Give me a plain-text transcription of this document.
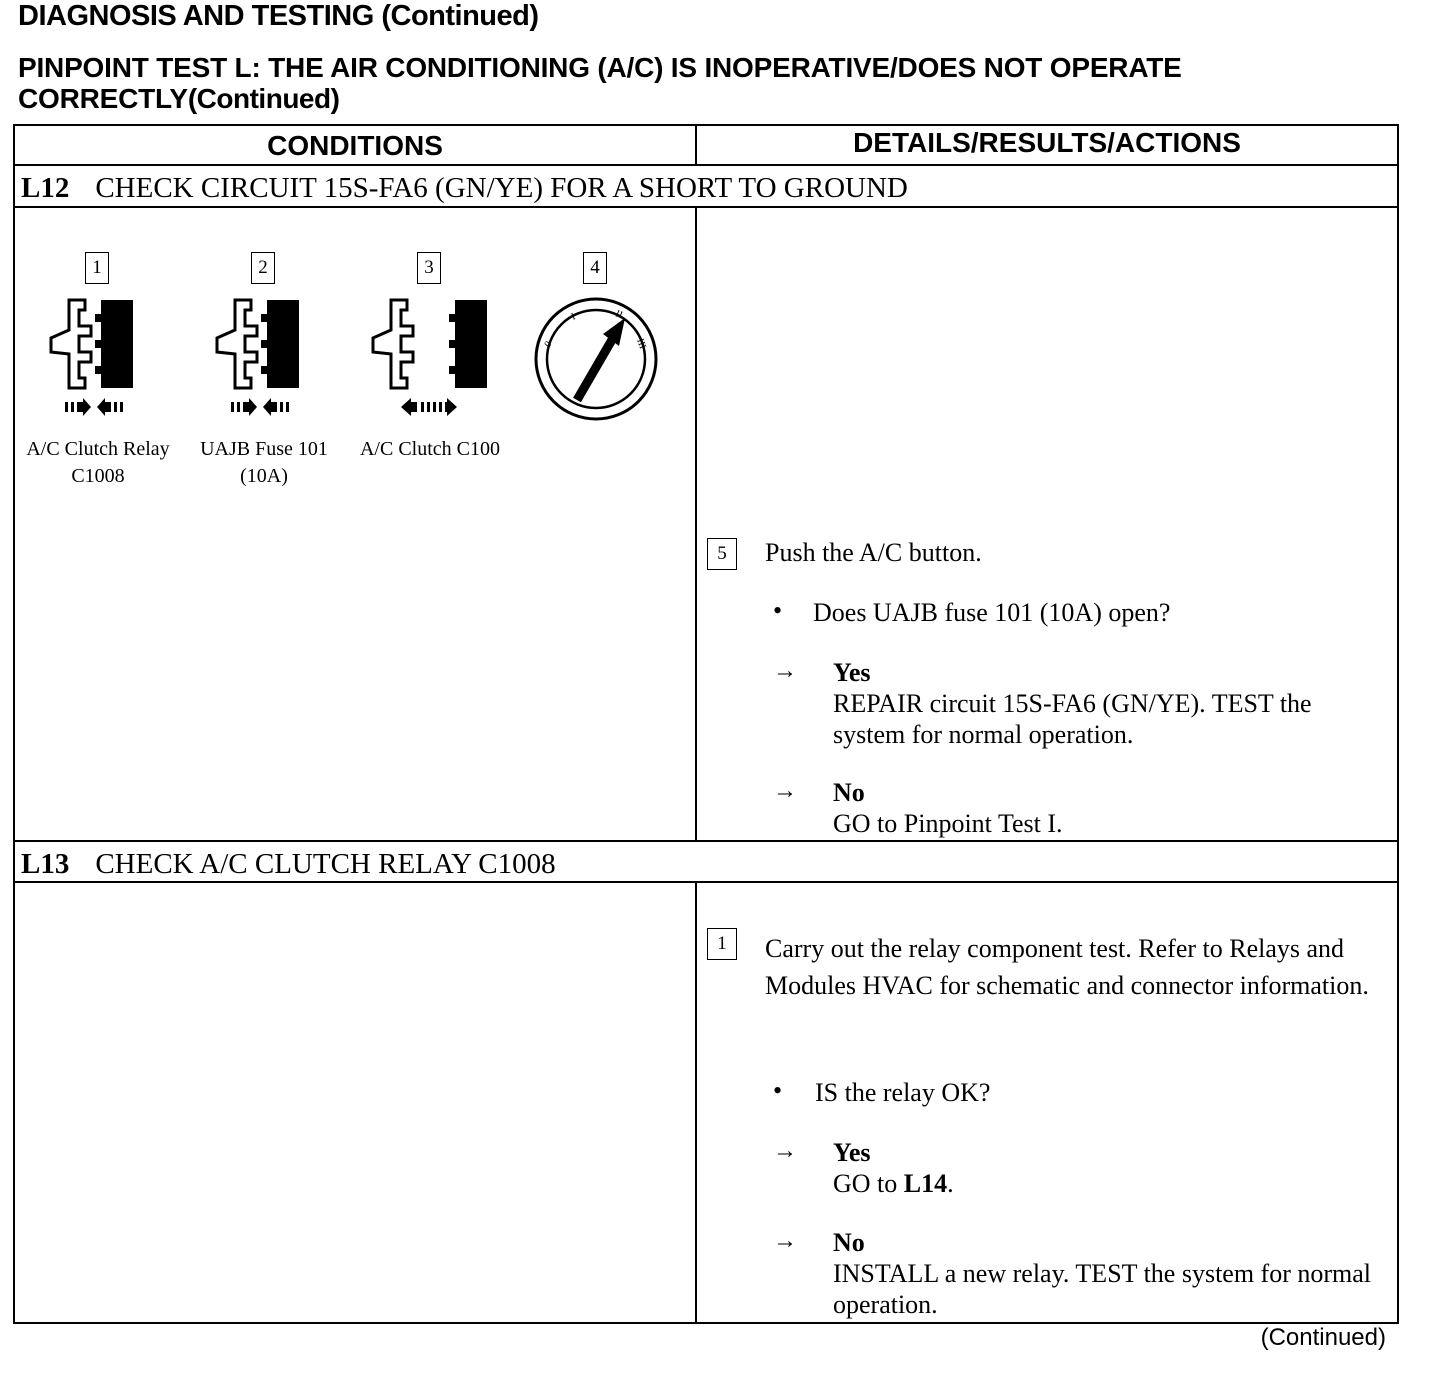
DIAGNOSIS AND TESTING (Continued)
PINPOINT TEST L: THE AIR CONDITIONING (A/C) IS INOPERATIVE/DOES NOT OPERATE CORRECTLY(Continued)
CONDITIONS	DETAILS/RESULTS/ACTIONS
L12 CHECK CIRCUIT 15S-FA6 (GN/YE) FOR A SHORT TO GROUND
1	2	3	4
0
I	II
III
A/C Clutch Relay
C1008
UAJB Fuse 101
(10A)
A/C Clutch C100
5	Push the A/C button.
• Does UAJB fuse 101 (10A) open?
→ Yes
REPAIR circuit 15S-FA6 (GN/YE). TEST the system for normal operation.
→ No
GO to Pinpoint Test I.
L13 CHECK A/C CLUTCH RELAY C1008
1	Carry out the relay component test. Refer to Relays and Modules HVAC for schematic and connector information.
• IS the relay OK?
→ Yes
GO to L14.
→ No
INSTALL a new relay. TEST the system for normal operation.
(Continued)
